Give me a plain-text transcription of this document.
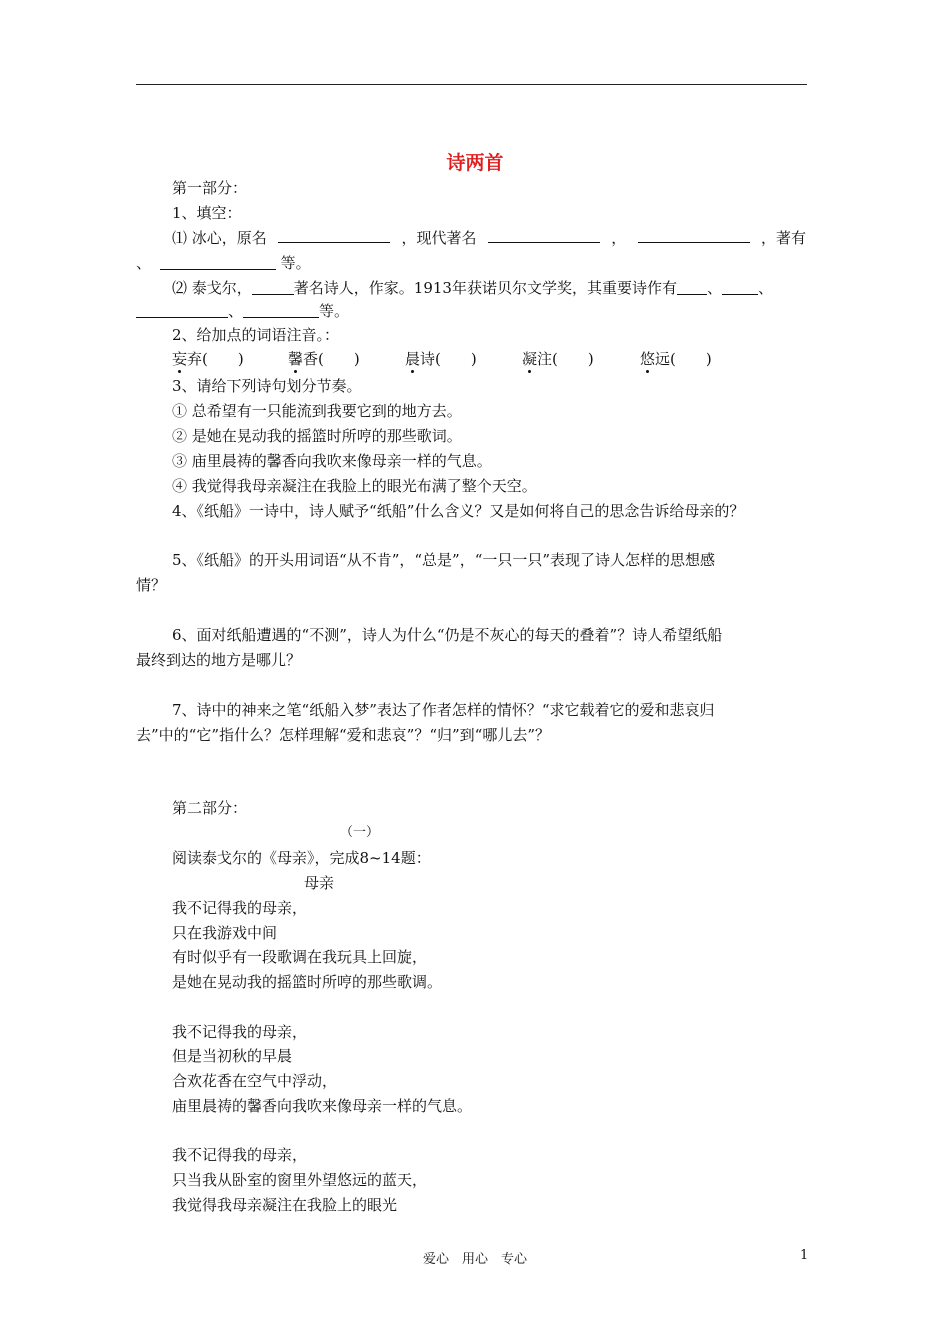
诗两首
第一部分：
1、填空：
⑴ 冰心，原名	，现代著名	，	，著有
、	等。
⑵ 泰戈尔，	著名诗人，作家。1913年获诺贝尔文学奖，其重要诗作有 、 、
、	等。
2、给加点的词语注音。：
妄弃(　　)	馨香(　　)	晨诗(　　)	凝注(　　)	悠远(　　)
3、请给下列诗句划分节奏。
① 总希望有一只能流到我要它到的地方去。
② 是她在晃动我的摇篮时所哼的那些歌词。
③ 庙里晨祷的馨香向我吹来像母亲一样的气息。
④ 我觉得我母亲凝注在我脸上的眼光布满了整个天空。
4、《纸船》一诗中，诗人赋予“纸船”什么含义？又是如何将自己的思念告诉给母亲的？
5、《纸船》的开头用词语“从不肯”，“总是”，“一只一只”表现了诗人怎样的思想感
情？
6、面对纸船遭遇的“不测”，诗人为什么“仍是不灰心的每天的叠着”？诗人希望纸船
最终到达的地方是哪儿？
7、诗中的神来之笔“纸船入梦”表达了作者怎样的情怀？“求它载着它的爱和悲哀归
去”中的“它”指什么？怎样理解“爱和悲哀”？“归”到“哪儿去”？
第二部分：
（一）
阅读泰戈尔的《母亲》，完成8~14题：
母亲
我不记得我的母亲，
只在我游戏中间
有时似乎有一段歌调在我玩具上回旋，
是她在晃动我的摇篮时所哼的那些歌调。
我不记得我的母亲，
但是当初秋的早晨
合欢花香在空气中浮动，
庙里晨祷的馨香向我吹来像母亲一样的气息。
我不记得我的母亲，
只当我从卧室的窗里外望悠远的蓝天，
我觉得我母亲凝注在我脸上的眼光
爱心　用心　专心	1
